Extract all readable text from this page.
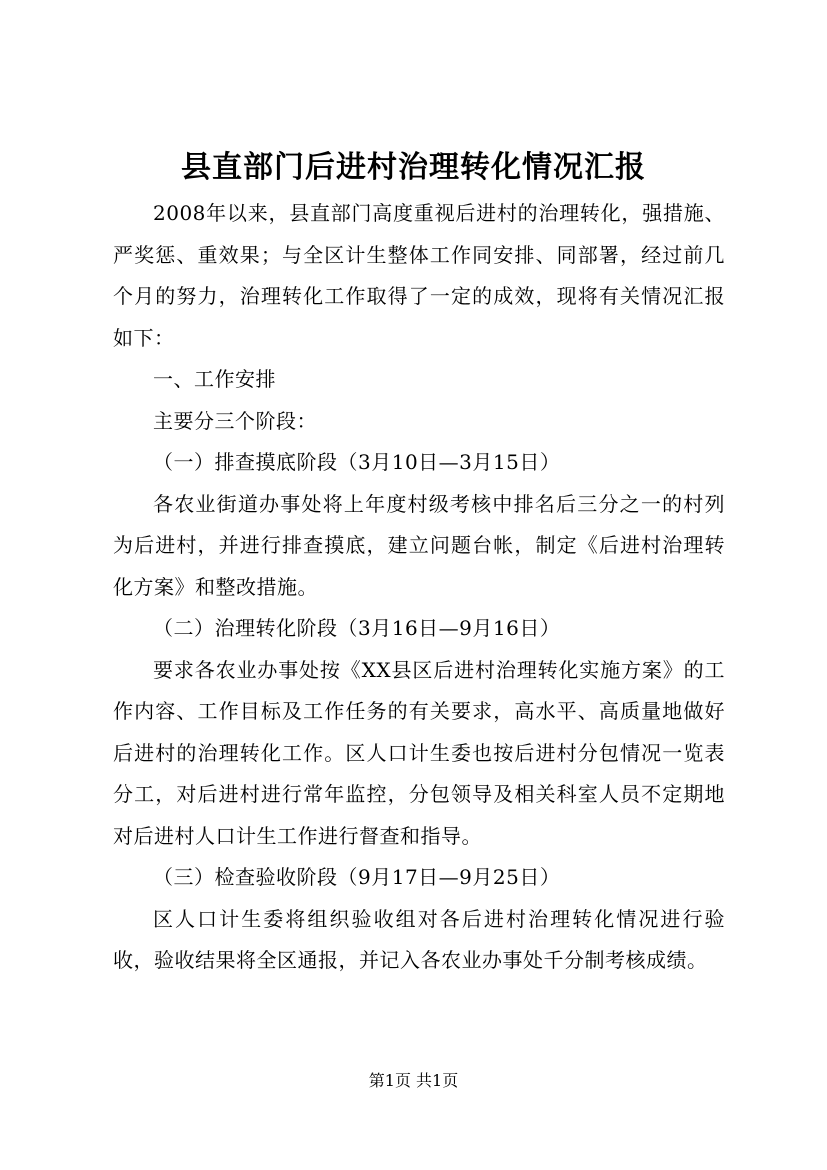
县直部门后进村治理转化情况汇报

2008年以来，县直部门高度重视后进村的治理转化，强措施、严奖惩、重效果；与全区计生整体工作同安排、同部署，经过前几个月的努力，治理转化工作取得了一定的成效，现将有关情况汇报如下：

一、工作安排

主要分三个阶段：

（一）排查摸底阶段（3月10日—3月15日）

各农业街道办事处将上年度村级考核中排名后三分之一的村列为后进村，并进行排查摸底，建立问题台帐，制定《后进村治理转化方案》和整改措施。

（二）治理转化阶段（3月16日—9月16日）

要求各农业办事处按《XX县区后进村治理转化实施方案》的工作内容、工作目标及工作任务的有关要求，高水平、高质量地做好后进村的治理转化工作。区人口计生委也按后进村分包情况一览表分工，对后进村进行常年监控，分包领导及相关科室人员不定期地对后进村人口计生工作进行督查和指导。

（三）检查验收阶段（9月17日—9月25日）

区人口计生委将组织验收组对各后进村治理转化情况进行验收，验收结果将全区通报，并记入各农业办事处千分制考核成绩。

第1页 共1页
